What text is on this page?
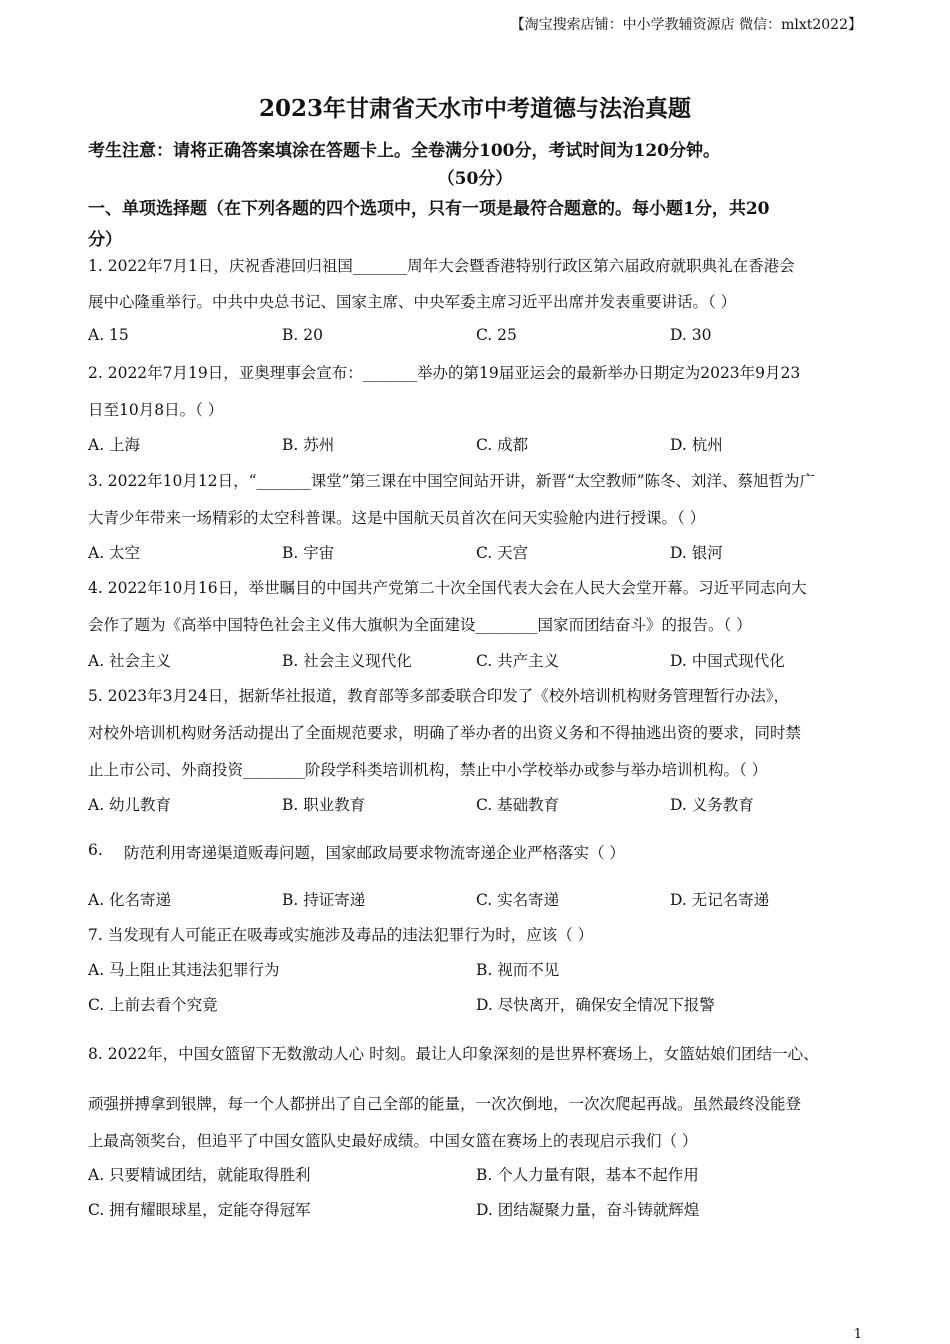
【淘宝搜索店铺：中小学教辅资源店 微信：mlxt2022】
2023年甘肃省天水市中考道德与法治真题
考生注意：请将正确答案填涂在答题卡上。全卷满分100分，考试时间为120分钟。
（50分）
一、单项选择题（在下列各题的四个选项中，只有一项是最符合题意的。每小题1分，共20
分）
1. 2022年7月1日，庆祝香港回归祖国_______周年大会暨香港特别行政区第六届政府就职典礼在香港会
展中心隆重举行。中共中央总书记、国家主席、中央军委主席习近平出席并发表重要讲话。（ ）
A. 15	B. 20	C. 25	D. 30
2. 2022年7月19日，亚奥理事会宣布：_______举办的第19届亚运会的最新举办日期定为2023年9月23
日至10月8日。（ ）
A. 上海	B. 苏州	C. 成都	D. 杭州
3. 2022年10月12日，“_______课堂”第三课在中国空间站开讲，新晋“太空教师”陈冬、刘洋、蔡旭哲为广
大青少年带来一场精彩的太空科普课。这是中国航天员首次在问天实验舱内进行授课。（ ）
A. 太空	B. 宇宙	C. 天宫	D. 银河
4. 2022年10月16日，举世瞩目的中国共产党第二十次全国代表大会在人民大会堂开幕。习近平同志向大
会作了题为《高举中国特色社会主义伟大旗帜为全面建设________国家而团结奋斗》的报告。（ ）
A. 社会主义	B. 社会主义现代化	C. 共产主义	D. 中国式现代化
5. 2023年3月24日，据新华社报道，教育部等多部委联合印发了《校外培训机构财务管理暂行办法》，
对校外培训机构财务活动提出了全面规范要求，明确了举办者的出资义务和不得抽逃出资的要求，同时禁
止上市公司、外商投资________阶段学科类培训机构，禁止中小学校举办或参与举办培训机构。（ ）
A. 幼儿教育	B. 职业教育	C. 基础教育	D. 义务教育
6. 防范利用寄递渠道贩毒问题，国家邮政局要求物流寄递企业严格落实（ ）
A. 化名寄递	B. 持证寄递	C. 实名寄递	D. 无记名寄递
7. 当发现有人可能正在吸毒或实施涉及毒品的违法犯罪行为时，应该（ ）
A. 马上阻止其违法犯罪行为	B. 视而不见
C. 上前去看个究竟	D. 尽快离开，确保安全情况下报警
8. 2022年，中国女篮留下无数激动人心 时刻。最让人印象深刻的是世界杯赛场上，女篮姑娘们团结一心、
顽强拼搏拿到银牌，每一个人都拼出了自己全部的能量，一次次倒地，一次次爬起再战。虽然最终没能登
上最高领奖台，但追平了中国女篮队史最好成绩。中国女篮在赛场上的表现启示我们（ ）
A. 只要精诚团结，就能取得胜利	B. 个人力量有限，基本不起作用
C. 拥有耀眼球星，定能夺得冠军	D. 团结凝聚力量，奋斗铸就辉煌
1
